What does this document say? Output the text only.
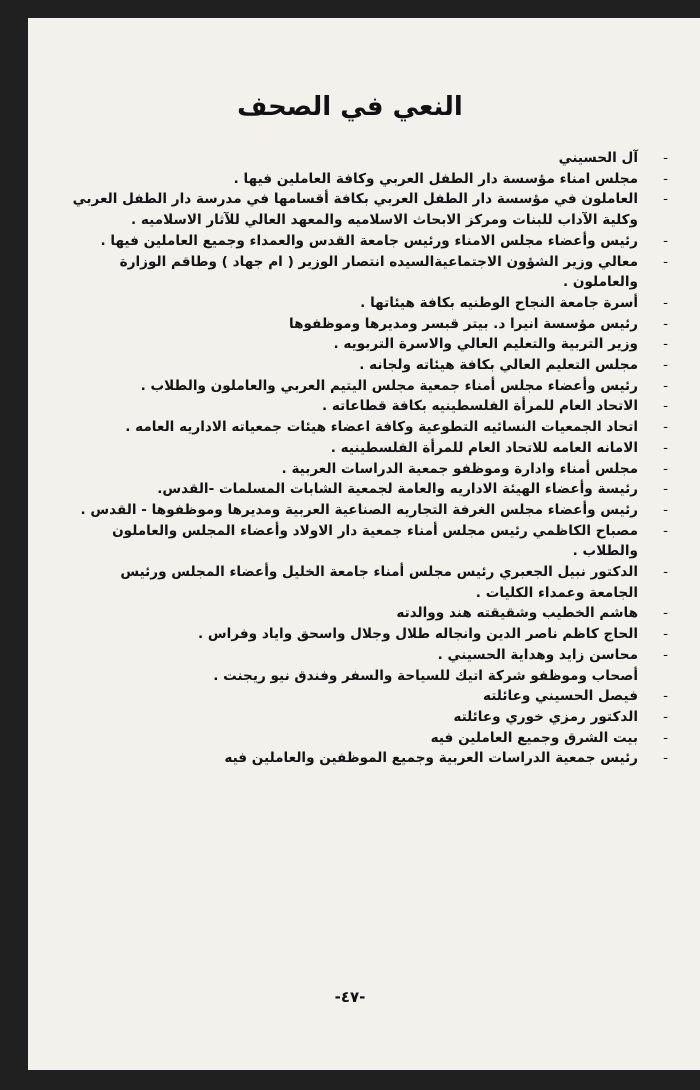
النعي في الصحف
- آل الحسيني
- مجلس امناء مؤسسة دار الطفل العربي وكافة العاملين فيها .
- العاملون في مؤسسة دار الطفل العربي بكافة أقسامها في مدرسة دار الطفل العربي وكلية الآداب للبنات ومركز الابحاث الاسلاميه والمعهد العالي للآثار الاسلاميه .
- رئيس وأعضاء مجلس الامناء ورئيس جامعة القدس والعمداء وجميع العاملين فيها .
- معالي وزير الشؤون الاجتماعيةالسيده انتصار الوزير ( ام جهاد ) وطاقم الوزارة والعاملون .
- أسرة جامعة النجاح الوطنيه بكافة هيئاتها .
- رئيس مؤسسة انيرا د. بيتر قبسر ومديرها وموظفوها
- وزير التربية والتعليم العالي والاسرة التربويه .
- مجلس التعليم العالي بكافة هيئاته ولجانه .
- رئيس وأعضاء مجلس أمناء جمعية مجلس اليتيم العربي والعاملون والطلاب .
- الاتحاد العام للمرأة الفلسطينيه بكافة قطاعاته .
- اتحاد الجمعيات النسائيه التطوعية وكافة اعضاء هيئات جمعياته الاداريه العامه .
- الامانه العامه للاتحاد العام للمرأة الفلسطينيه .
- مجلس أمناء وادارة وموظفو جمعية الدراسات العربية .
- رئيسة وأعضاء الهيئة الاداريه والعامة لجمعية الشابات المسلمات -القدس.
- رئيس وأعضاء مجلس الغرفة التجاريه الصناعية العربية ومديرها وموظفوها - القدس .
- مصباح الكاظمي رئيس مجلس أمناء جمعية دار الاولاد وأعضاء المجلس والعاملون والطلاب .
- الدكتور نبيل الجعبري رئيس مجلس أمناء جامعة الخليل وأعضاء المجلس ورئيس الجامعة وعمداء الكليات .
- هاشم الخطيب وشقيقته هند ووالدته
- الحاج كاظم ناصر الدين وانجاله طلال وجلال واسحق واياد وفراس .
- محاسن زايد وهداية الحسيني .
أصحاب وموظفو شركة اتيك للسياحة والسفر وفندق نيو ريجنت .
- فيصل الحسيني وعائلته
- الدكتور رمزي خوري وعائلته
- بيت الشرق وجميع العاملين فيه
- رئيس جمعية الدراسات العربية وجميع الموظفين والعاملين فيه
-٤٧-
